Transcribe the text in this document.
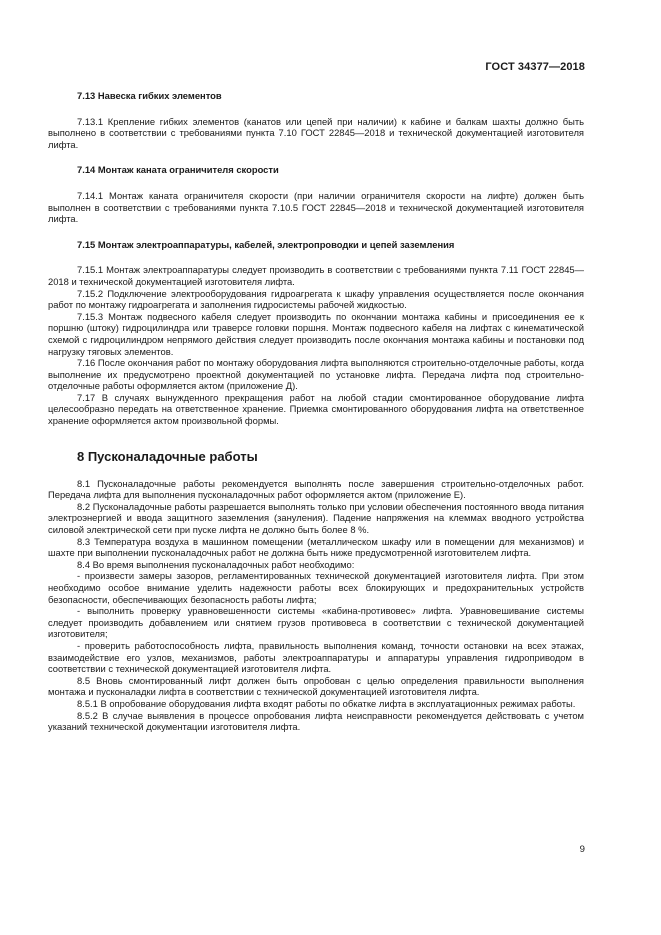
ГОСТ 34377—2018

7.13 Навеска гибких элементов

7.13.1 Крепление гибких элементов (канатов или цепей при наличии) к кабине и балкам шахты должно быть выполнено в соответствии с требованиями пункта 7.10 ГОСТ 22845—2018 и технической документацией изготовителя лифта.

7.14 Монтаж каната ограничителя скорости

7.14.1 Монтаж каната ограничителя скорости (при наличии ограничителя скорости на лифте) должен быть выполнен в соответствии с требованиями пункта 7.10.5 ГОСТ 22845—2018 и технической документацией изготовителя лифта.

7.15 Монтаж электроаппаратуры, кабелей, электропроводки и цепей заземления

7.15.1 Монтаж электроаппаратуры следует производить в соответствии с требованиями пункта 7.11 ГОСТ 22845—2018 и технической документацией изготовителя лифта.

7.15.2 Подключение электрооборудования гидроагрегата к шкафу управления осуществляется после окончания работ по монтажу гидроагрегата и заполнения гидросистемы рабочей жидкостью.

7.15.3 Монтаж подвесного кабеля следует производить по окончании монтажа кабины и присоединения ее к поршню (штоку) гидроцилиндра или траверсе головки поршня. Монтаж подвесного кабеля на лифтах с кинематической схемой с гидроцилиндром непрямого действия следует производить после окончания монтажа кабины и постановки под нагрузку тяговых элементов.

7.16 После окончания работ по монтажу оборудования лифта выполняются строительно-отделочные работы, когда выполнение их предусмотрено проектной документацией по установке лифта. Передача лифта под строительно-отделочные работы оформляется актом (приложение Д).

7.17 В случаях вынужденного прекращения работ на любой стадии смонтированное оборудование лифта целесообразно передать на ответственное хранение. Приемка смонтированного оборудования лифта на ответственное хранение оформляется актом произвольной формы.

8 Пусконаладочные работы

8.1 Пусконаладочные работы рекомендуется выполнять после завершения строительно-отделочных работ. Передача лифта для выполнения пусконаладочных работ оформляется актом (приложение Е).

8.2 Пусконаладочные работы разрешается выполнять только при условии обеспечения постоянного ввода питания электроэнергией и ввода защитного заземления (зануления). Падение напряжения на клеммах вводного устройства силовой электрической сети при пуске лифта не должно быть более 8 %.

8.3 Температура воздуха в машинном помещении (металлическом шкафу или в помещении для механизмов) и шахте при выполнении пусконаладочных работ не должна быть ниже предусмотренной изготовителем лифта.

8.4 Во время выполнения пусконаладочных работ необходимо:

- произвести замеры зазоров, регламентированных технической документацией изготовителя лифта. При этом необходимо особое внимание уделить надежности работы всех блокирующих и предохранительных устройств безопасности, обеспечивающих безопасность работы лифта;

- выполнить проверку уравновешенности системы «кабина-противовес» лифта. Уравновешивание системы следует производить добавлением или снятием грузов противовеса в соответствии с технической документацией изготовителя;

- проверить работоспособность лифта, правильность выполнения команд, точности остановки на всех этажах, взаимодействие его узлов, механизмов, работы электроаппаратуры и аппаратуры управления гидроприводом в соответствии с технической документацией изготовителя лифта.

8.5 Вновь смонтированный лифт должен быть опробован с целью определения правильности выполнения монтажа и пусконаладки лифта в соответствии с технической документацией изготовителя лифта.

8.5.1 В опробование оборудования лифта входят работы по обкатке лифта в эксплуатационных режимах работы.

8.5.2 В случае выявления в процессе опробования лифта неисправности рекомендуется действовать с учетом указаний технической документации изготовителя лифта.

9
